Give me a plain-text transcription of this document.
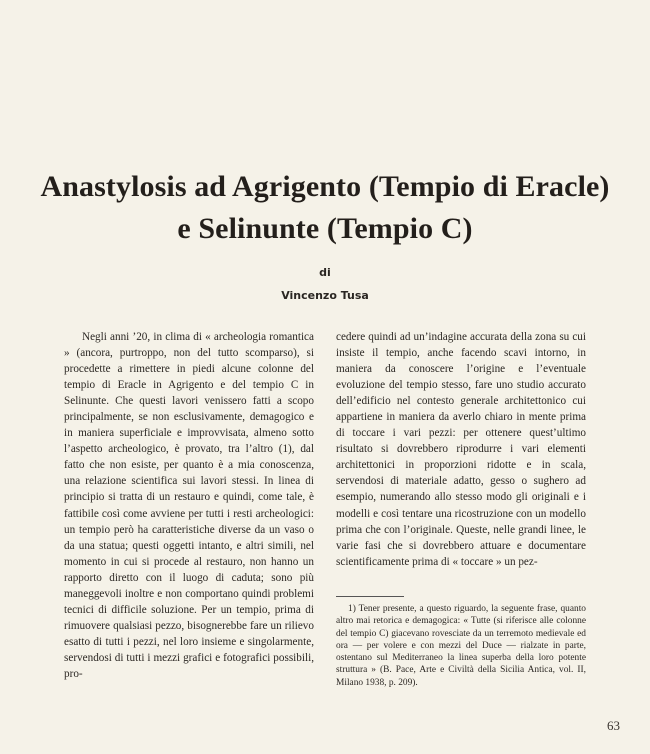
Anastylosis ad Agrigento (Tempio di Eracle)
e Selinunte (Tempio C)
di
Vincenzo Tusa

Negli anni ’20, in clima di « archeologia romantica » (ancora, purtroppo, non del tutto scomparso), si procedette a rimettere in piedi alcune colonne del tempio di Eracle in Agrigento e del tempio C in Selinunte. Che questi lavori venissero fatti a scopo principalmente, se non esclusivamente, demagogico e in maniera superficiale e improvvisata, almeno sotto l’aspetto archeologico, è provato, tra l’altro (1), dal fatto che non esiste, per quanto è a mia conoscenza, una relazione scientifica sui lavori stessi. In linea di principio si tratta di un restauro e quindi, come tale, è fattibile così come avviene per tutti i resti archeologici: un tempio però ha caratteristiche diverse da un vaso o da una statua; questi oggetti intanto, e altri simili, nel momento in cui si procede al restauro, non hanno un rapporto diretto con il luogo di caduta; sono più maneggevoli inoltre e non comportano quindi problemi tecnici di difficile soluzione. Per un tempio, prima di rimuovere qualsiasi pezzo, bisognerebbe fare un rilievo esatto di tutti i pezzi, nel loro insieme e singolarmente, servendosi di tutti i mezzi grafici e fotografici possibili, pro-

cedere quindi ad un’indagine accurata della zona su cui insiste il tempio, anche facendo scavi intorno, in maniera da conoscere l’origine e l’eventuale evoluzione del tempio stesso, fare uno studio accurato dell’edificio nel contesto generale architettonico cui appartiene in maniera da averlo chiaro in mente prima di toccare i vari pezzi: per ottenere quest’ultimo risultato si dovrebbero riprodurre i vari elementi architettonici in proporzioni ridotte e in scala, servendosi di materiale adatto, gesso o sughero ad esempio, numerando allo stesso modo gli originali e i modelli e così tentare una ricostruzione con un modello prima che con l’originale. Queste, nelle grandi linee, le varie fasi che si dovrebbero attuare e documentare scientificamente prima di « toccare » un pez-

1) Tener presente, a questo riguardo, la seguente frase, quanto altro mai retorica e demagogica: « Tutte (si riferisce alle colonne del tempio C) giacevano rovesciate da un terremoto medievale ed ora — per volere e con mezzi del Duce — rialzate in parte, ostentano sul Mediterraneo la linea superba della loro potente struttura » (B. Pace, Arte e Civiltà della Sicilia Antica, vol. II, Milano 1938, p. 209).

63
